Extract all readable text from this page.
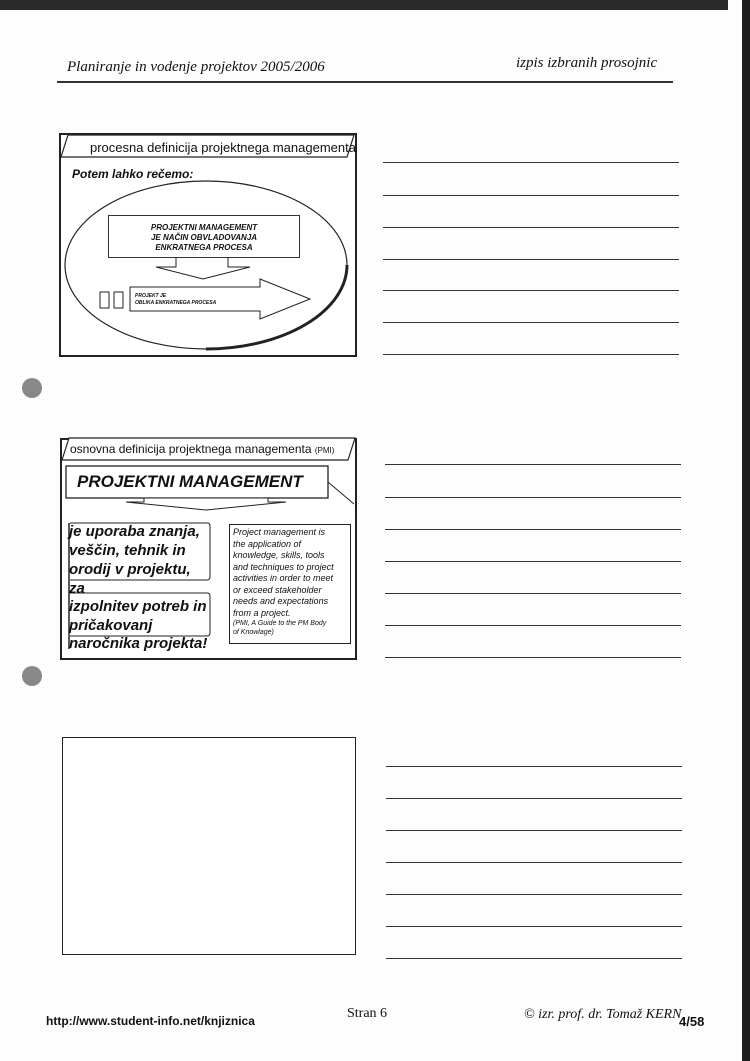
Planiranje in vodenje projektov 2005/2006	izpis izbranih prosojnic
procesna definicija projektnega managementa
Potem lahko rečemo:
PROJEKTNI MANAGEMENT
JE NAČIN OBVLADOVANJA
ENKRATNEGA PROCESA
PROJEKT JE
OBLIKA ENKRATNEGA PROCESA
osnovna definicija projektnega managementa (PMI)
PROJEKTNI MANAGEMENT
je uporaba znanja,
veščin, tehnik in
orodij v projektu,
za
izpolnitev potreb in
pričakovanj
naročnika projekta!
Project management is
the application of
knowledge, skills, tools
and techniques to project
activities in order to meet
or exceed stakeholder
needs and expectations
from a project.
(PMI, A Guide to the PM Body
of Knowlage)
http://www.student-info.net/knjiznica	Stran 6	© izr. prof. dr. Tomaž KERN
4/58
